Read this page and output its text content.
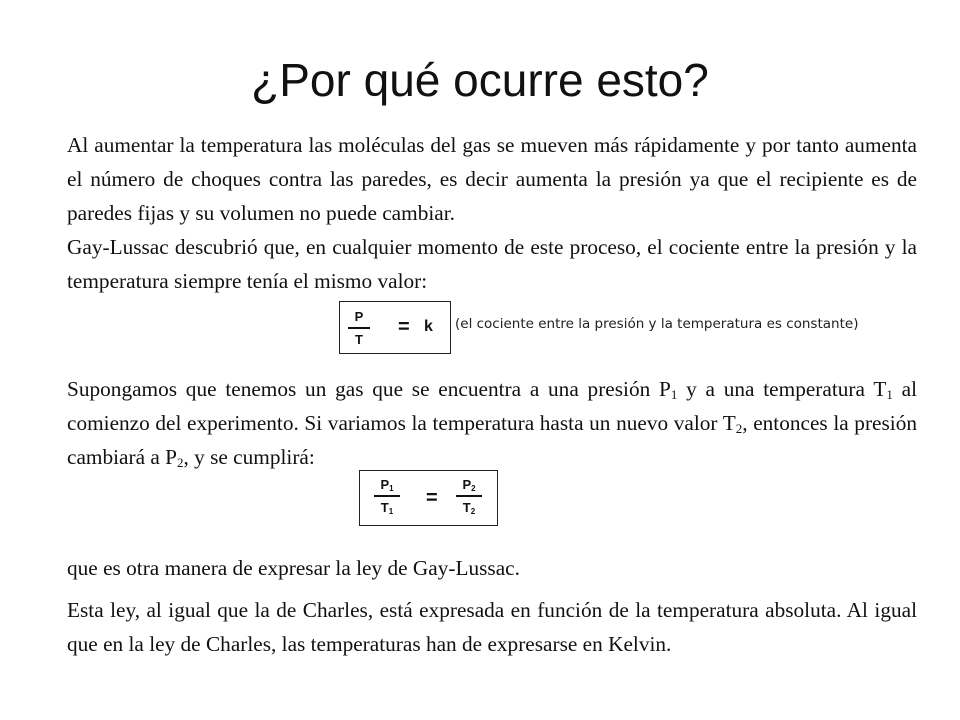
¿Por qué ocurre esto?

Al aumentar la temperatura las moléculas del gas se mueven más rápidamente y por tanto aumenta el número de choques contra las paredes, es decir aumenta la presión ya que el recipiente es de paredes fijas y su volumen no puede cambiar.

Gay-Lussac descubrió que, en cualquier momento de este proceso, el cociente entre la presión y la temperatura siempre tenía el mismo valor:

P
T
= k (el cociente entre la presión y la temperatura es constante)

Supongamos que tenemos un gas que se encuentra a una presión $P_1$ y a una temperatura $T_1$ al comienzo del experimento. Si variamos la temperatura hasta un nuevo valor $T_2$, entonces la presión cambiará a $P_2$, y se cumplirá:

$P_1$
$T_1$
=
$P_2$
$T_2$

que es otra manera de expresar la ley de Gay-Lussac.

Esta ley, al igual que la de Charles, está expresada en función de la temperatura absoluta. Al igual que en la ley de Charles, las temperaturas han de expresarse en Kelvin.
